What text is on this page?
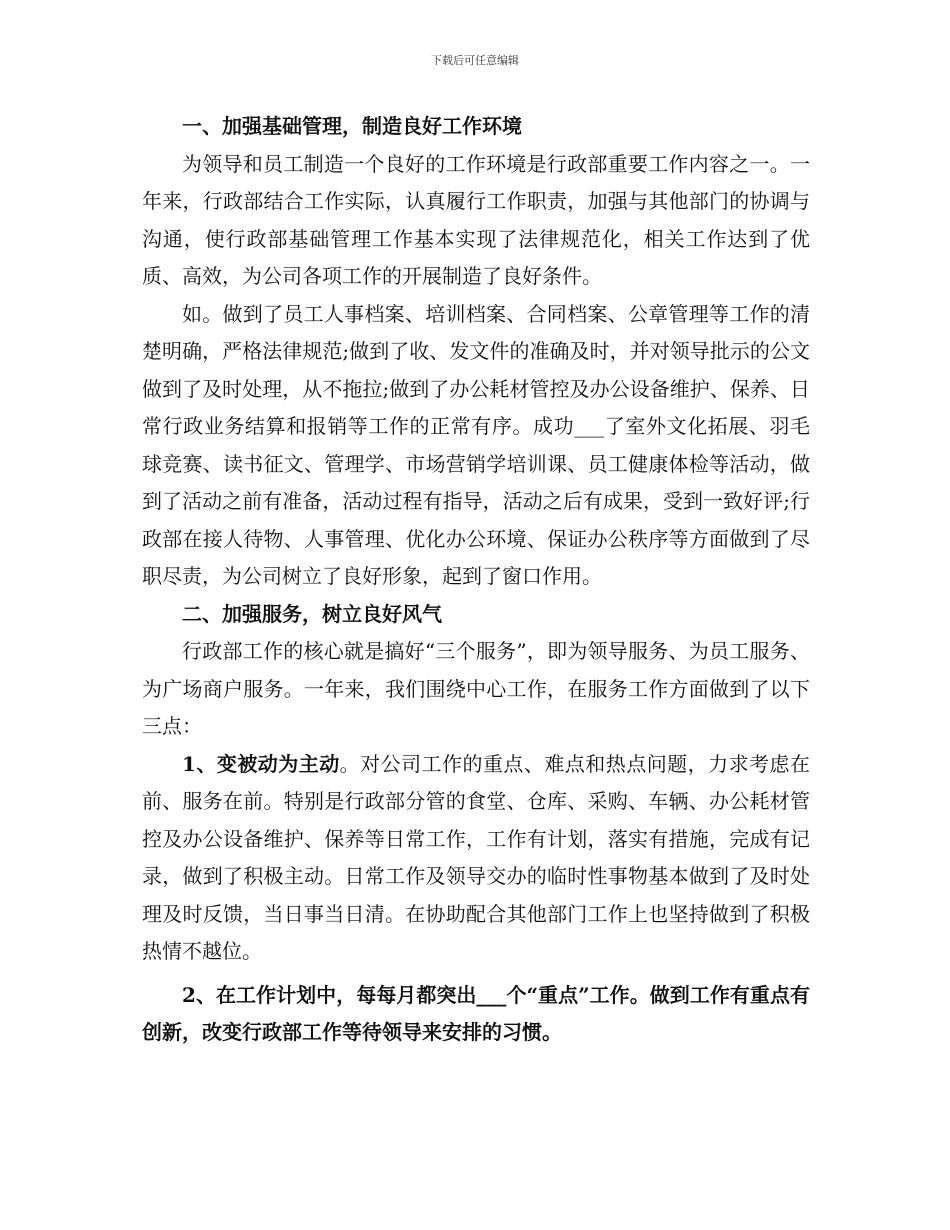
下载后可任意编辑

一、加强基础管理，制造良好工作环境

为领导和员工制造一个良好的工作环境是行政部重要工作内容之一。一年来，行政部结合工作实际，认真履行工作职责，加强与其他部门的协调与沟通，使行政部基础管理工作基本实现了法律规范化，相关工作达到了优质、高效，为公司各项工作的开展制造了良好条件。

如。做到了员工人事档案、培训档案、合同档案、公章管理等工作的清楚明确，严格法律规范;做到了收、发文件的准确及时，并对领导批示的公文做到了及时处理，从不拖拉;做到了办公耗材管控及办公设备维护、保养、日常行政业务结算和报销等工作的正常有序。成功___了室外文化拓展、羽毛球竞赛、读书征文、管理学、市场营销学培训课、员工健康体检等活动，做到了活动之前有准备，活动过程有指导，活动之后有成果，受到一致好评;行政部在接人待物、人事管理、优化办公环境、保证办公秩序等方面做到了尽职尽责，为公司树立了良好形象，起到了窗口作用。

二、加强服务，树立良好风气

行政部工作的核心就是搞好“三个服务”，即为领导服务、为员工服务、为广场商户服务。一年来，我们围绕中心工作，在服务工作方面做到了以下三点：

1、变被动为主动。对公司工作的重点、难点和热点问题，力求考虑在前、服务在前。特别是行政部分管的食堂、仓库、采购、车辆、办公耗材管控及办公设备维护、保养等日常工作，工作有计划，落实有措施，完成有记录，做到了积极主动。日常工作及领导交办的临时性事物基本做到了及时处理及时反馈，当日事当日清。在协助配合其他部门工作上也坚持做到了积极热情不越位。

2、在工作计划中，每每月都突出___个“重点”工作。做到工作有重点有创新，改变行政部工作等待领导来安排的习惯。
